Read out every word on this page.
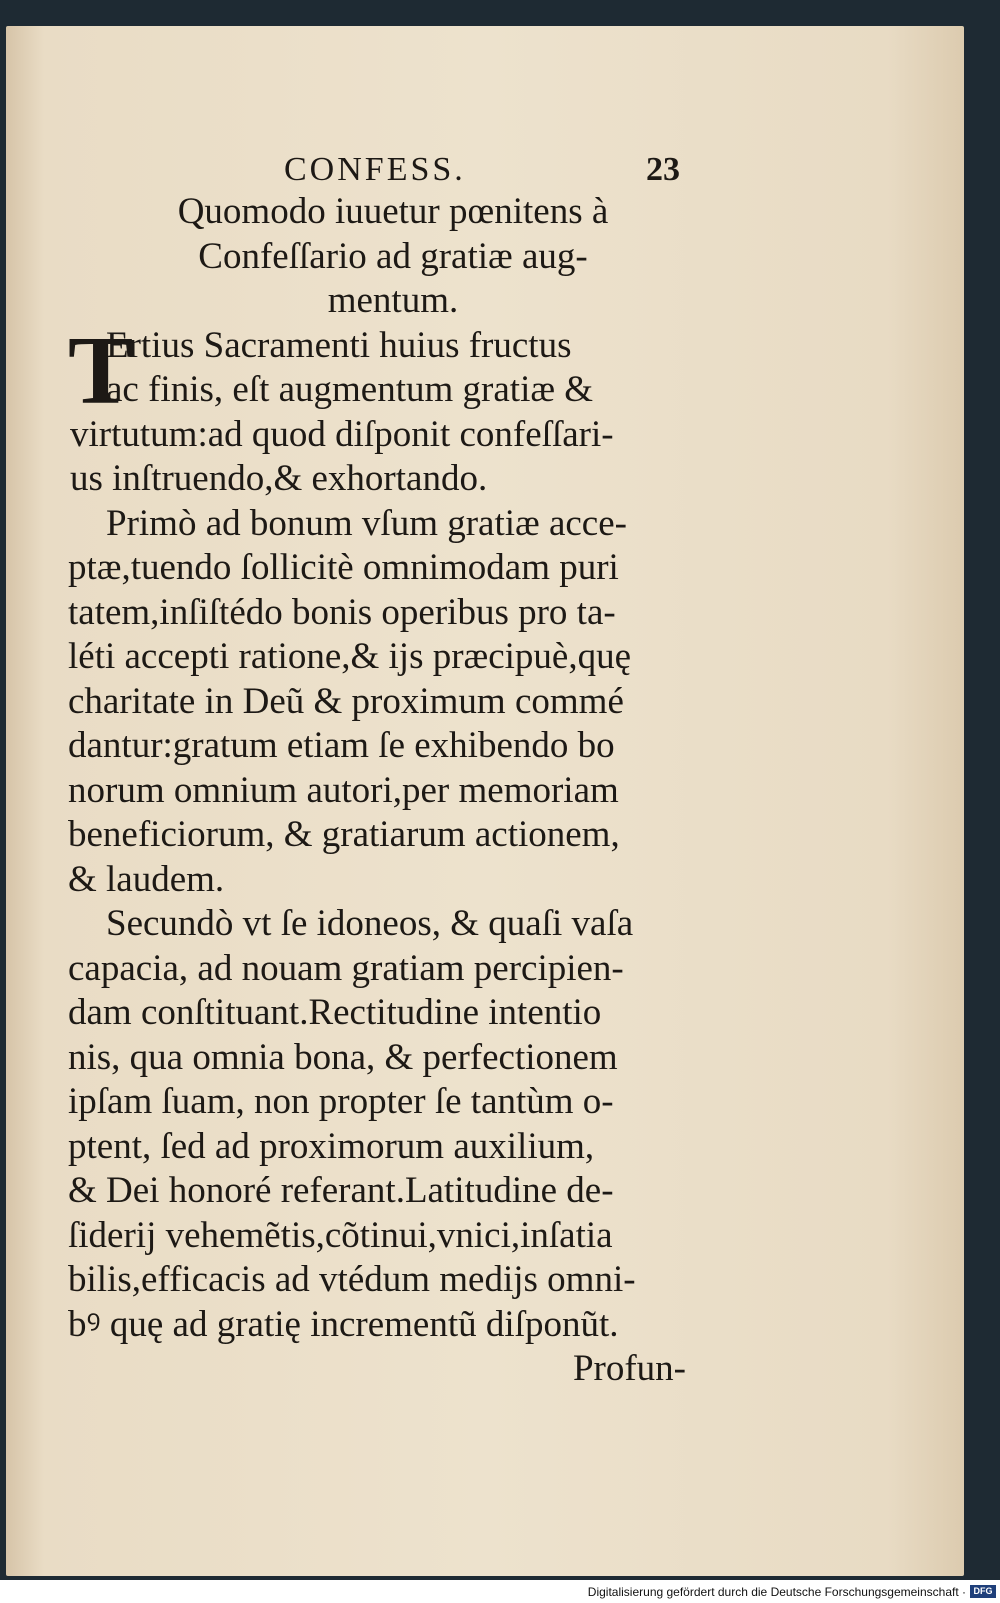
CONFESS.	23
Quomodo iuuetur pœnitens à
Confeſſario ad gratiæ aug-
mentum.
T
Ertius Sacramenti huius fructus
ac finis, eſt augmentum gratiæ &
virtutum:ad quod diſponit confeſſari-
us inſtruendo,& exhortando.
Primò ad bonum vſum gratiæ acce-
ptæ,tuendo ſollicitè omnimodam puri
tatem,inſiſtédo bonis operibus pro ta-
léti accepti ratione,& ijs præcipuè,quę
charitate in Deũ & proximum commé
dantur:gratum etiam ſe exhibendo bo
norum omnium autori,per memoriam
beneficiorum, & gratiarum actionem,
& laudem.
Secundò vt ſe idoneos, & quaſi vaſa
capacia, ad nouam gratiam percipien-
dam conſtituant.Rectitudine intentio
nis, qua omnia bona, & perfectionem
ipſam ſuam, non propter ſe tantùm o-
ptent, ſed ad proximorum auxilium,
& Dei honoré referant.Latitudine de-
ſiderij vehemẽtis,cõtinui,vnici,inſatia
bilis,efficacis ad vtédum medijs omni-
bꝰ quę ad gratię incrementũ diſponũt.
Profun-
Digitalisierung gefördert durch die Deutsche Forschungsgemeinschaft · DFG
